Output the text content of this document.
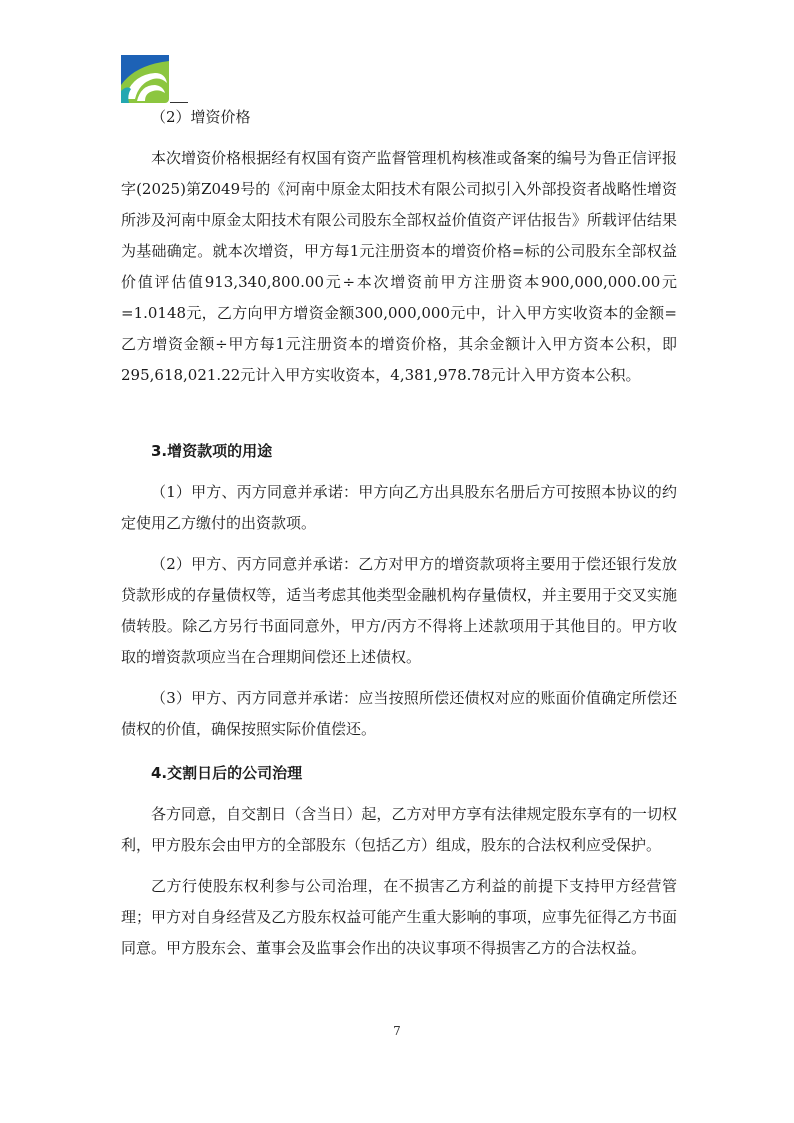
（2）增资价格

本次增资价格根据经有权国有资产监督管理机构核准或备案的编号为鲁正信评报字(2025)第Z049号的《河南中原金太阳技术有限公司拟引入外部投资者战略性增资所涉及河南中原金太阳技术有限公司股东全部权益价值资产评估报告》所载评估结果为基础确定。就本次增资，甲方每1元注册资本的增资价格=标的公司股东全部权益价值评估值913,340,800.00元÷本次增资前甲方注册资本900,000,000.00元=1.0148元，乙方向甲方增资金额300,000,000元中，计入甲方实收资本的金额=乙方增资金额÷甲方每1元注册资本的增资价格，其余金额计入甲方资本公积，即295,618,021.22元计入甲方实收资本，4,381,978.78元计入甲方资本公积。

3.增资款项的用途

（1）甲方、丙方同意并承诺：甲方向乙方出具股东名册后方可按照本协议的约定使用乙方缴付的出资款项。

（2）甲方、丙方同意并承诺：乙方对甲方的增资款项将主要用于偿还银行发放贷款形成的存量债权等，适当考虑其他类型金融机构存量债权，并主要用于交叉实施债转股。除乙方另行书面同意外，甲方/丙方不得将上述款项用于其他目的。甲方收取的增资款项应当在合理期间偿还上述债权。

（3）甲方、丙方同意并承诺：应当按照所偿还债权对应的账面价值确定所偿还债权的价值，确保按照实际价值偿还。

4.交割日后的公司治理

各方同意，自交割日（含当日）起，乙方对甲方享有法律规定股东享有的一切权利，甲方股东会由甲方的全部股东（包括乙方）组成，股东的合法权利应受保护。

乙方行使股东权利参与公司治理，在不损害乙方利益的前提下支持甲方经营管理；甲方对自身经营及乙方股东权益可能产生重大影响的事项，应事先征得乙方书面同意。甲方股东会、董事会及监事会作出的决议事项不得损害乙方的合法权益。

7
